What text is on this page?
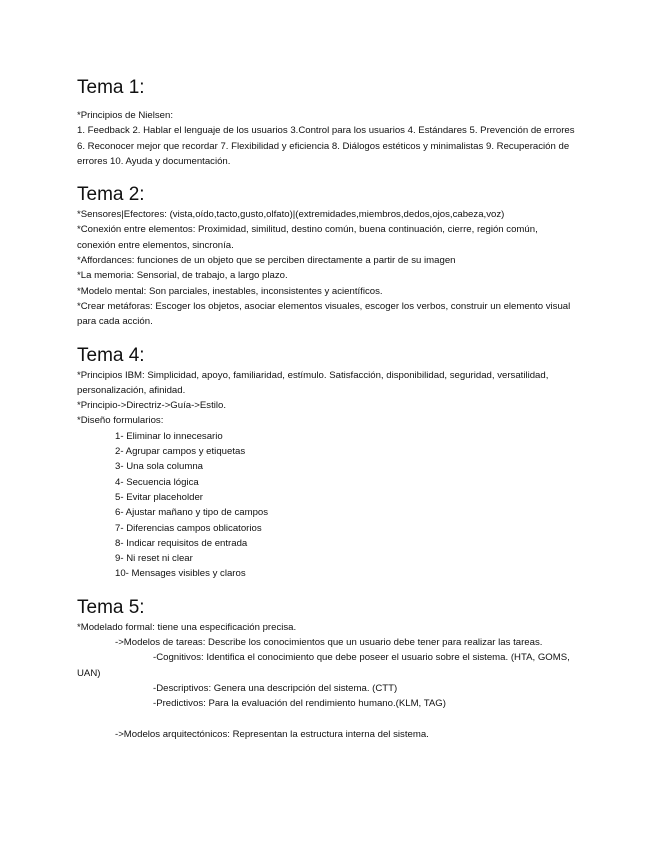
Tema 1:

*Principios de Nielsen:

1. Feedback 2. Hablar el lenguaje de los usuarios 3.Control para los usuarios 4. Estándares 5. Prevención de errores 6. Reconocer mejor que recordar 7. Flexibilidad y eficiencia 8. Diálogos estéticos y minimalistas 9. Recuperación de errores 10. Ayuda y documentación.

Tema 2:

*Sensores|Efectores: (vista,oído,tacto,gusto,olfato)|(extremidades,miembros,dedos,ojos,cabeza,voz)

*Conexión entre elementos: Proximidad, similitud, destino común, buena continuación, cierre, región común, conexión entre elementos, sincronía.

*Affordances: funciones de un objeto que se perciben directamente a partir de su imagen

*La memoria: Sensorial, de trabajo, a largo plazo.

*Modelo mental: Son parciales, inestables, inconsistentes y acientíficos.

*Crear metáforas: Escoger los objetos, asociar elementos visuales, escoger los verbos, construir un elemento visual para cada acción.

Tema 4:

*Principios IBM: Simplicidad, apoyo, familiaridad, estímulo. Satisfacción, disponibilidad, seguridad, versatilidad, personalización, afinidad.

*Principio->Directriz->Guía->Estilo.

*Diseño formularios:

1- Eliminar lo innecesario

2- Agrupar campos y etiquetas

3- Una sola columna

4- Secuencia lógica

5- Evitar placeholder

6- Ajustar mañano y tipo de campos

7- Diferencias campos oblicatorios

8- Indicar requisitos de entrada

9- Ni reset ni clear

10- Mensages visibles y claros

Tema 5:

*Modelado formal: tiene una especificación precisa.

->Modelos de tareas: Describe los conocimientos que un usuario debe tener para realizar las tareas.

-Cognitivos: Identifica el conocimiento que debe poseer el usuario sobre el sistema. (HTA, GOMS, UAN)

-Descriptivos: Genera una descripción del sistema. (CTT)

-Predictivos: Para la evaluación del rendimiento humano.(KLM, TAG)

->Modelos arquitectónicos: Representan la estructura interna del sistema.
